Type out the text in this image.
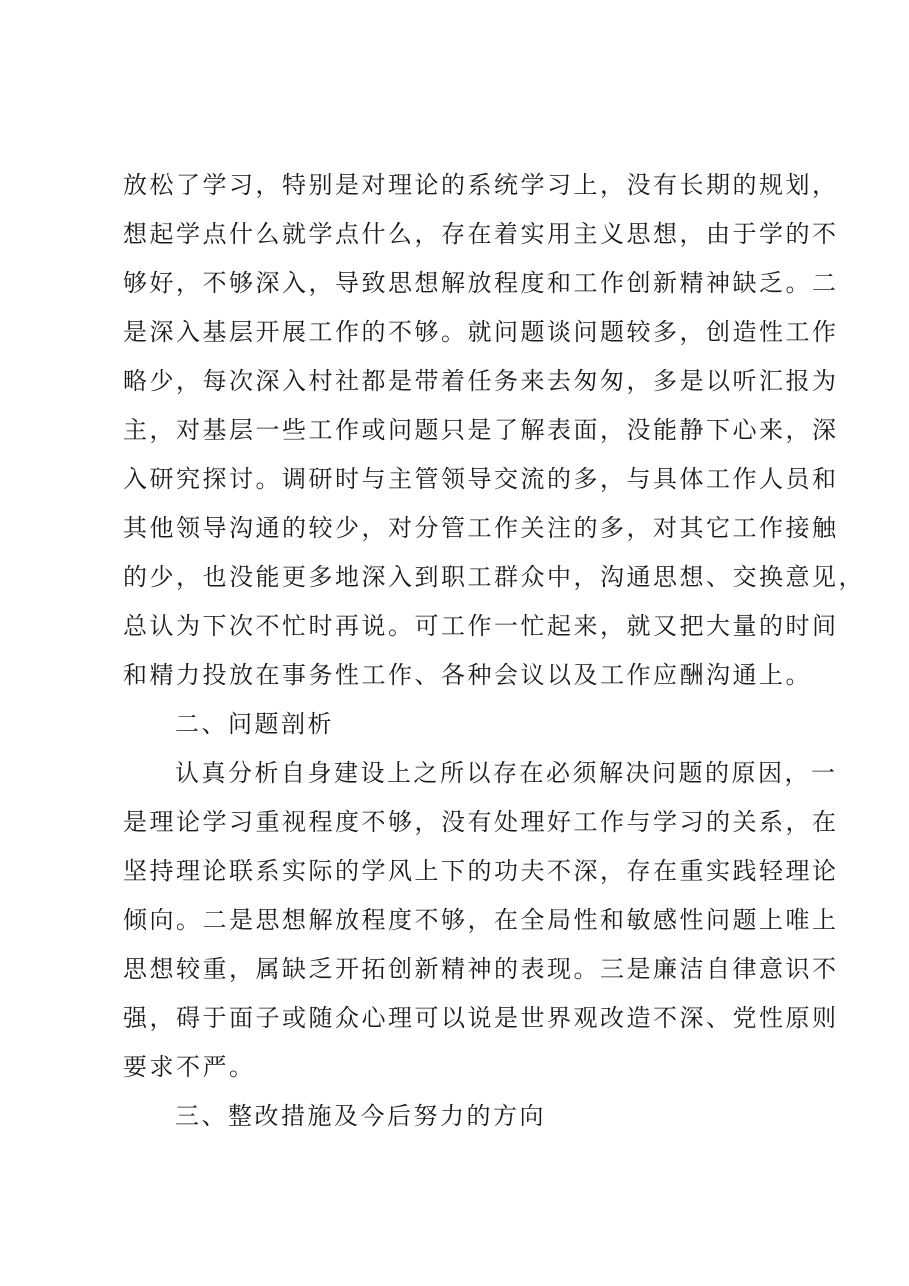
放松了学习，特别是对理论的系统学习上，没有长期的规划，
想起学点什么就学点什么，存在着实用主义思想，由于学的不
够好，不够深入，导致思想解放程度和工作创新精神缺乏。二
是深入基层开展工作的不够。就问题谈问题较多，创造性工作
略少，每次深入村社都是带着任务来去匆匆，多是以听汇报为
主，对基层一些工作或问题只是了解表面，没能静下心来，深
入研究探讨。调研时与主管领导交流的多，与具体工作人员和
其他领导沟通的较少，对分管工作关注的多，对其它工作接触
的少，也没能更多地深入到职工群众中，沟通思想、交换意见，
总认为下次不忙时再说。可工作一忙起来，就又把大量的时间
和精力投放在事务性工作、各种会议以及工作应酬沟通上。
二、问题剖析
认真分析自身建设上之所以存在必须解决问题的原因，一
是理论学习重视程度不够，没有处理好工作与学习的关系，在
坚持理论联系实际的学风上下的功夫不深，存在重实践轻理论
倾向。二是思想解放程度不够，在全局性和敏感性问题上唯上
思想较重，属缺乏开拓创新精神的表现。三是廉洁自律意识不
强，碍于面子或随众心理可以说是世界观改造不深、党性原则
要求不严。
三、整改措施及今后努力的方向
